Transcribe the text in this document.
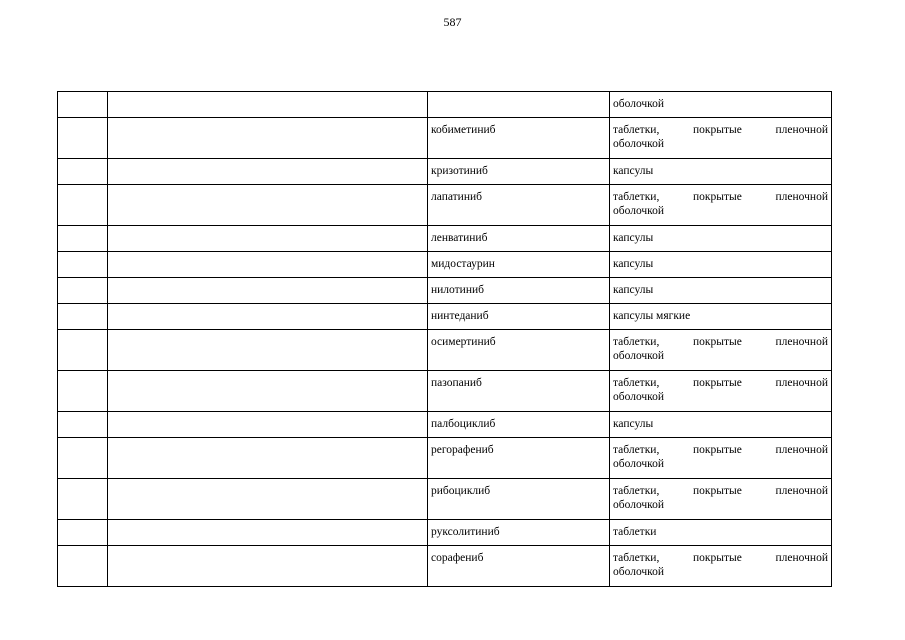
587
			оболочкой
		кобиметиниб	таблетки, покрытые пленочной
оболочкой

		кризотиниб	капсулы
		лапатиниб	таблетки, покрытые пленочной
оболочкой

		ленватиниб	капсулы
		мидостаурин	капсулы
		нилотиниб	капсулы
		нинтеданиб	капсулы мягкие
		осимертиниб	таблетки, покрытые пленочной
оболочкой

		пазопаниб	таблетки, покрытые пленочной
оболочкой

		палбоциклиб	капсулы
		регорафениб	таблетки, покрытые пленочной
оболочкой

		рибоциклиб	таблетки, покрытые пленочной
оболочкой

		руксолитиниб	таблетки
		сорафениб	таблетки, покрытые пленочной
оболочкой
